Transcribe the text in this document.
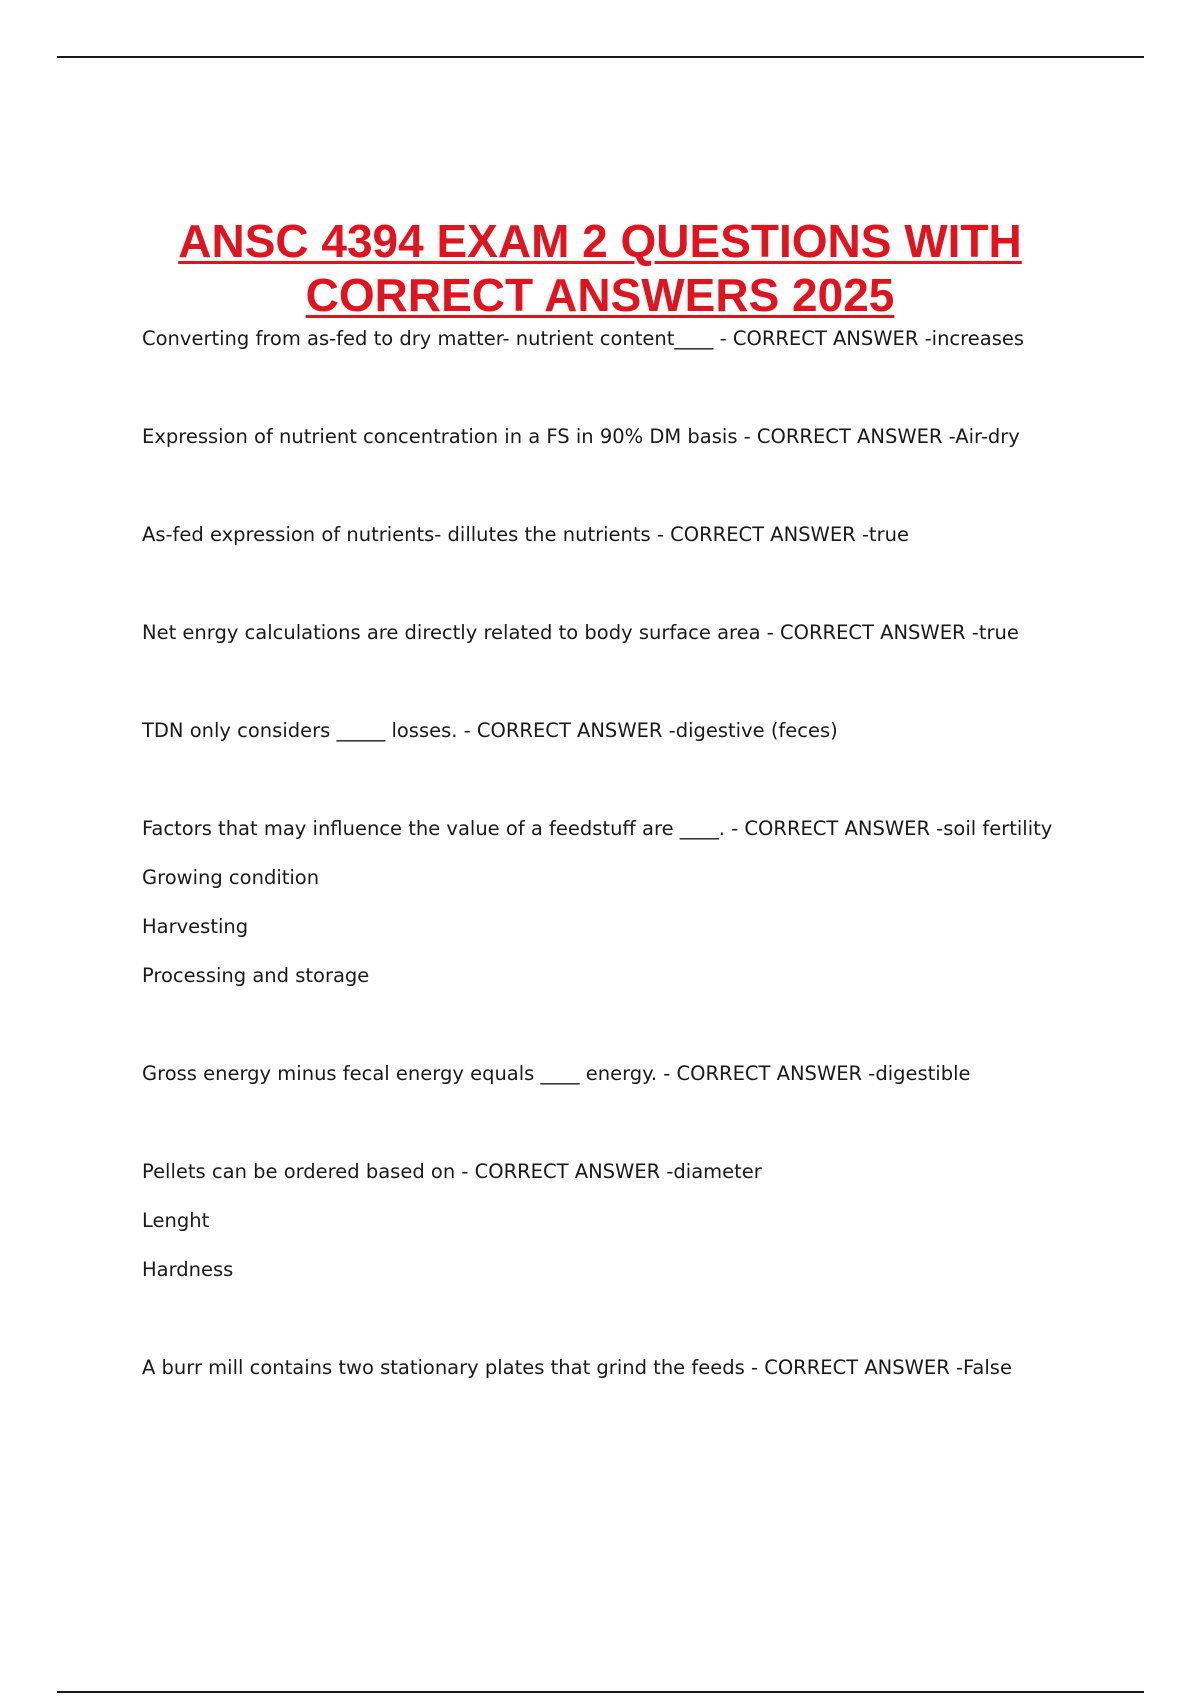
ANSC 4394 EXAM 2 QUESTIONS WITH
CORRECT ANSWERS 2025

Converting from as-fed to dry matter- nutrient content____ - CORRECT ANSWER -increases

Expression of nutrient concentration in a FS in 90% DM basis - CORRECT ANSWER -Air-dry

As-fed expression of nutrients- dillutes the nutrients - CORRECT ANSWER -true

Net enrgy calculations are directly related to body surface area - CORRECT ANSWER -true

TDN only considers _____ losses. - CORRECT ANSWER -digestive (feces)

Factors that may influence the value of a feedstuff are ____. - CORRECT ANSWER -soil fertility

Growing condition

Harvesting

Processing and storage

Gross energy minus fecal energy equals ____ energy. - CORRECT ANSWER -digestible

Pellets can be ordered based on - CORRECT ANSWER -diameter

Lenght

Hardness

A burr mill contains two stationary plates that grind the feeds - CORRECT ANSWER -False
